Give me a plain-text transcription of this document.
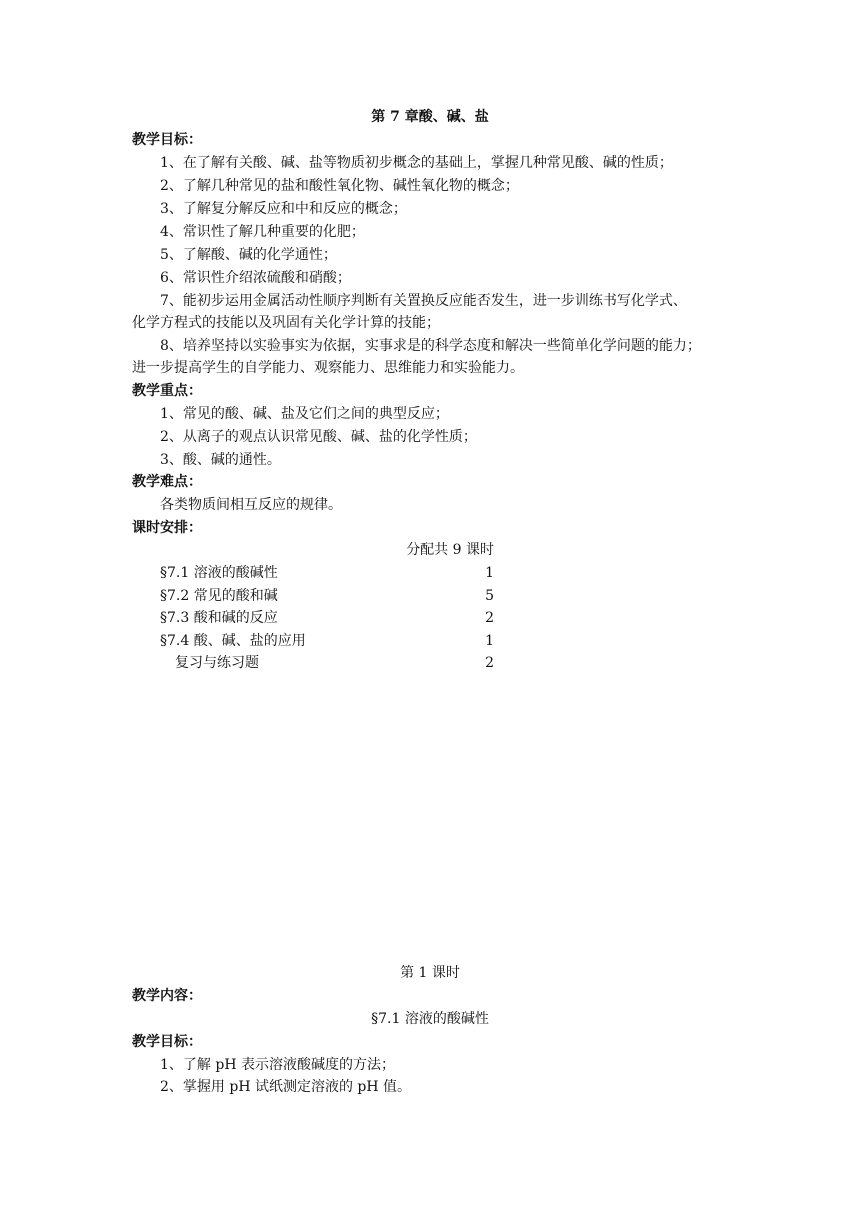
第 7 章酸、碱、盐
教学目标：
1、在了解有关酸、碱、盐等物质初步概念的基础上，掌握几种常见酸、碱的性质；
2、了解几种常见的盐和酸性氧化物、碱性氧化物的概念；
3、了解复分解反应和中和反应的概念；
4、常识性了解几种重要的化肥；
5、了解酸、碱的化学通性；
6、常识性介绍浓硫酸和硝酸；
7、能初步运用金属活动性顺序判断有关置换反应能否发生，进一步训练书写化学式、
化学方程式的技能以及巩固有关化学计算的技能；
8、培养坚持以实验事实为依据，实事求是的科学态度和解决一些简单化学问题的能力；
进一步提高学生的自学能力、观察能力、思维能力和实验能力。
教学重点：
1、常见的酸、碱、盐及它们之间的典型反应；
2、从离子的观点认识常见酸、碱、盐的化学性质；
3、酸、碱的通性。
教学难点：
各类物质间相互反应的规律。
课时安排：
分配共 9 课时
§7.1 溶液的酸碱性	1
§7.2 常见的酸和碱	5
§7.3 酸和碱的反应	2
§7.4 酸、碱、盐的应用	1
复习与练习题	2
第 1 课时
教学内容：
§7.1 溶液的酸碱性
教学目标：
1、了解 pH 表示溶液酸碱度的方法；
2、掌握用 pH 试纸测定溶液的 pH 值。
